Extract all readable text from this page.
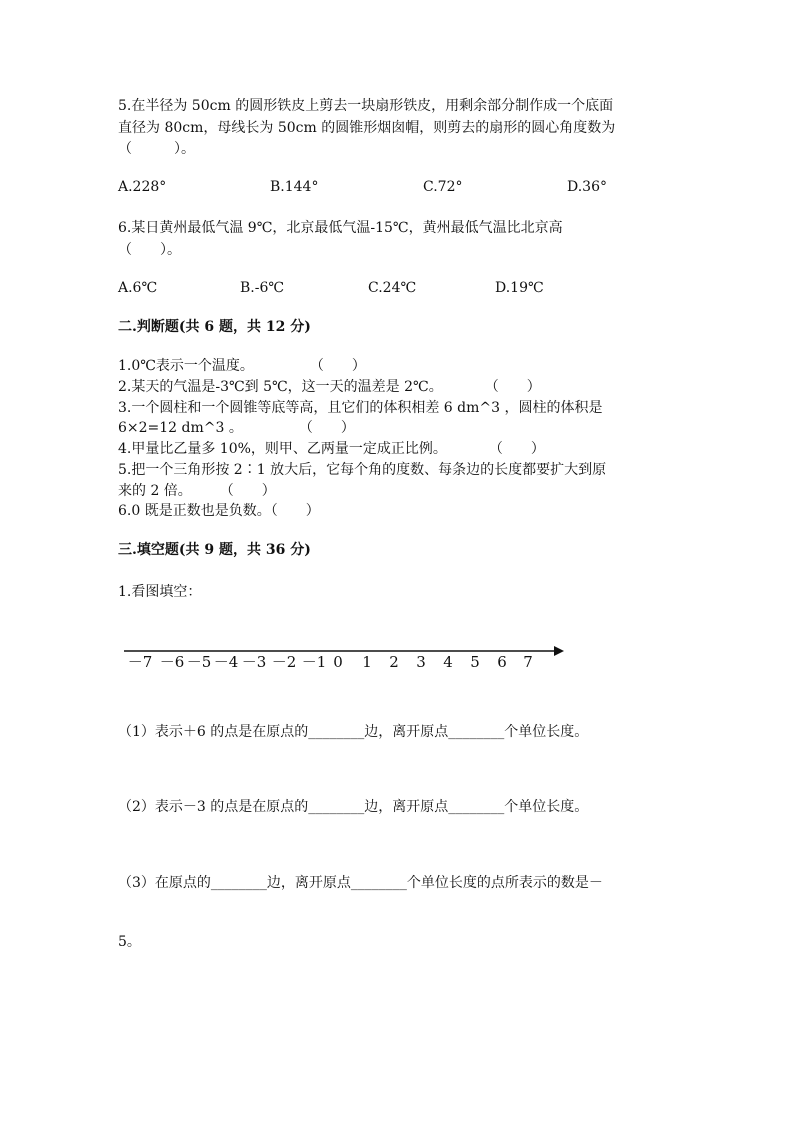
5.在半径为 50cm 的圆形铁皮上剪去一块扇形铁皮，用剩余部分制作成一个底面
直径为 80cm，母线长为 50cm 的圆锥形烟囱帽，则剪去的扇形的圆心角度数为
（　　　）。
A.228°	B.144°	C.72°	D.36°
6.某日黄州最低气温 9℃，北京最低气温-15℃，黄州最低气温比北京高
（　　）。
A.6℃	B.-6℃	C.24℃	D.19℃
二.判断题(共 6 题，共 12 分)
1.0℃表示一个温度。　　　　　（　　）
2.某天的气温是-3℃到 5℃，这一天的温差是 2℃。　　　　（　　）
3.一个圆柱和一个圆锥等底等高，且它们的体积相差 6 dm^3 ，圆柱的体积是
6×2=12 dm^3 。　　　　　（　　）
4.甲量比乙量多 10%，则甲、乙两量一定成正比例。　　　　（　　）
5.把一个三角形按 2∶1 放大后，它每个角的度数、每条边的长度都要扩大到原
来的 2 倍。　　　（　　）
6.0 既是正数也是负数。（　　）
三.填空题(共 9 题，共 36 分)
1.看图填空：
－7 －6 －5 －4 －3 －2 －1 0 1 2 3 4 5 6 7
（1）表示＋6 的点是在原点的________边，离开原点________个单位长度。
（2）表示－3 的点是在原点的________边，离开原点________个单位长度。
（3）在原点的________边，离开原点________个单位长度的点所表示的数是－
5。
